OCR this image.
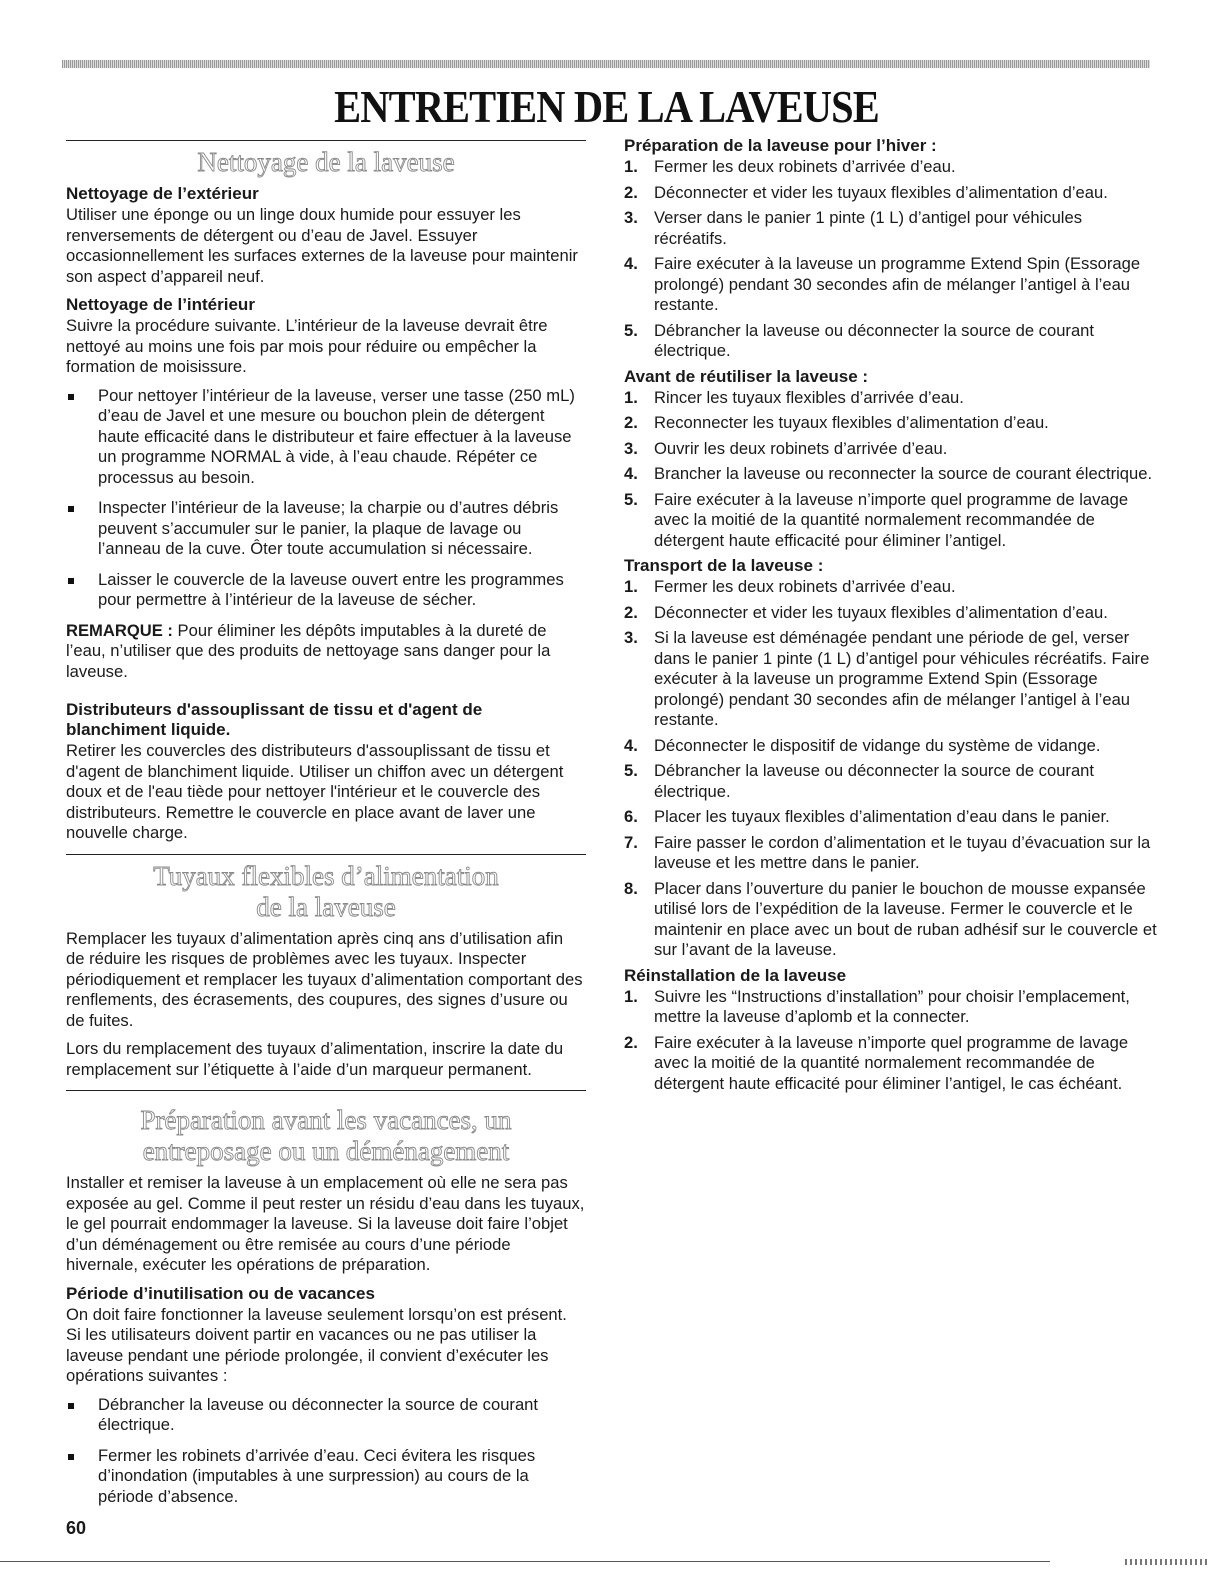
ENTRETIEN DE LA LAVEUSE
Nettoyage de la laveuse
Nettoyage de l’extérieur

Utiliser une éponge ou un linge doux humide pour essuyer les renversements de détergent ou d’eau de Javel. Essuyer occasionnellement les surfaces externes de la laveuse pour maintenir son aspect d’appareil neuf.

Nettoyage de l’intérieur

Suivre la procédure suivante. L’intérieur de la laveuse devrait être nettoyé au moins une fois par mois pour réduire ou empêcher la formation de moisissure.

Pour nettoyer l’intérieur de la laveuse, verser une tasse (250 mL) d’eau de Javel et une mesure ou bouchon plein de détergent haute efficacité dans le distributeur et faire effectuer à la laveuse un programme NORMAL à vide, à l’eau chaude. Répéter ce processus au besoin.
Inspecter l’intérieur de la laveuse; la charpie ou d’autres débris peuvent s’accumuler sur le panier, la plaque de lavage ou l’anneau de la cuve. Ôter toute accumulation si nécessaire.
Laisser le couvercle de la laveuse ouvert entre les programmes pour permettre à l’intérieur de la laveuse de sécher.

REMARQUE : Pour éliminer les dépôts imputables à la dureté de l’eau, n’utiliser que des produits de nettoyage sans danger pour la laveuse.

Distributeurs d'assouplissant de tissu et d'agent de blanchiment liquide.

Retirer les couvercles des distributeurs d'assouplissant de tissu et d'agent de blanchiment liquide. Utiliser un chiffon avec un détergent doux et de l'eau tiède pour nettoyer l'intérieur et le couvercle des distributeurs. Remettre le couvercle en place avant de laver une nouvelle charge.

Tuyaux flexibles d’alimentation
de la laveuse

Remplacer les tuyaux d’alimentation après cinq ans d’utilisation afin de réduire les risques de problèmes avec les tuyaux. Inspecter périodiquement et remplacer les tuyaux d’alimentation comportant des renflements, des écrasements, des coupures, des signes d’usure ou de fuites.

Lors du remplacement des tuyaux d’alimentation, inscrire la date du remplacement sur l’étiquette à l’aide d’un marqueur permanent.

Préparation avant les vacances, un
entreposage ou un déménagement

Installer et remiser la laveuse à un emplacement où elle ne sera pas exposée au gel. Comme il peut rester un résidu d’eau dans les tuyaux, le gel pourrait endommager la laveuse. Si la laveuse doit faire l’objet d’un déménagement ou être remisée au cours d’une période hivernale, exécuter les opérations de préparation.

Période d’inutilisation ou de vacances

On doit faire fonctionner la laveuse seulement lorsqu’on est présent. Si les utilisateurs doivent partir en vacances ou ne pas utiliser la laveuse pendant une période prolongée, il convient d’exécuter les opérations suivantes :

Débrancher la laveuse ou déconnecter la source de courant électrique.
Fermer les robinets d’arrivée d’eau. Ceci évitera les risques d’inondation (imputables à une surpression) au cours de la période d’absence.
Préparation de la laveuse pour l’hiver :
1. Fermer les deux robinets d’arrivée d’eau.
2. Déconnecter et vider les tuyaux flexibles d’alimentation d’eau.
3. Verser dans le panier 1 pinte (1 L) d’antigel pour véhicules récréatifs.
4. Faire exécuter à la laveuse un programme Extend Spin (Essorage prolongé) pendant 30 secondes afin de mélanger l’antigel à l’eau restante.
5. Débrancher la laveuse ou déconnecter la source de courant électrique.
Avant de réutiliser la laveuse :
1. Rincer les tuyaux flexibles d’arrivée d’eau.
2. Reconnecter les tuyaux flexibles d’alimentation d’eau.
3. Ouvrir les deux robinets d’arrivée d’eau.
4. Brancher la laveuse ou reconnecter la source de courant électrique.
5. Faire exécuter à la laveuse n’importe quel programme de lavage avec la moitié de la quantité normalement recommandée de détergent haute efficacité pour éliminer l’antigel.
Transport de la laveuse :
1. Fermer les deux robinets d’arrivée d’eau.
2. Déconnecter et vider les tuyaux flexibles d’alimentation d’eau.
3. Si la laveuse est déménagée pendant une période de gel, verser dans le panier 1 pinte (1 L) d’antigel pour véhicules récréatifs. Faire exécuter à la laveuse un programme Extend Spin (Essorage prolongé) pendant 30 secondes afin de mélanger l’antigel à l’eau restante.
4. Déconnecter le dispositif de vidange du système de vidange.
5. Débrancher la laveuse ou déconnecter la source de courant électrique.
6. Placer les tuyaux flexibles d’alimentation d’eau dans le panier.
7. Faire passer le cordon d’alimentation et le tuyau d’évacuation sur la laveuse et les mettre dans le panier.
8. Placer dans l’ouverture du panier le bouchon de mousse expansée utilisé lors de l’expédition de la laveuse. Fermer le couvercle et le maintenir en place avec un bout de ruban adhésif sur le couvercle et sur l’avant de la laveuse.
Réinstallation de la laveuse
1. Suivre les “Instructions d’installation” pour choisir l’emplacement, mettre la laveuse d’aplomb et la connecter.
2. Faire exécuter à la laveuse n’importe quel programme de lavage avec la moitié de la quantité normalement recommandée de détergent haute efficacité pour éliminer l’antigel, le cas échéant.
60
